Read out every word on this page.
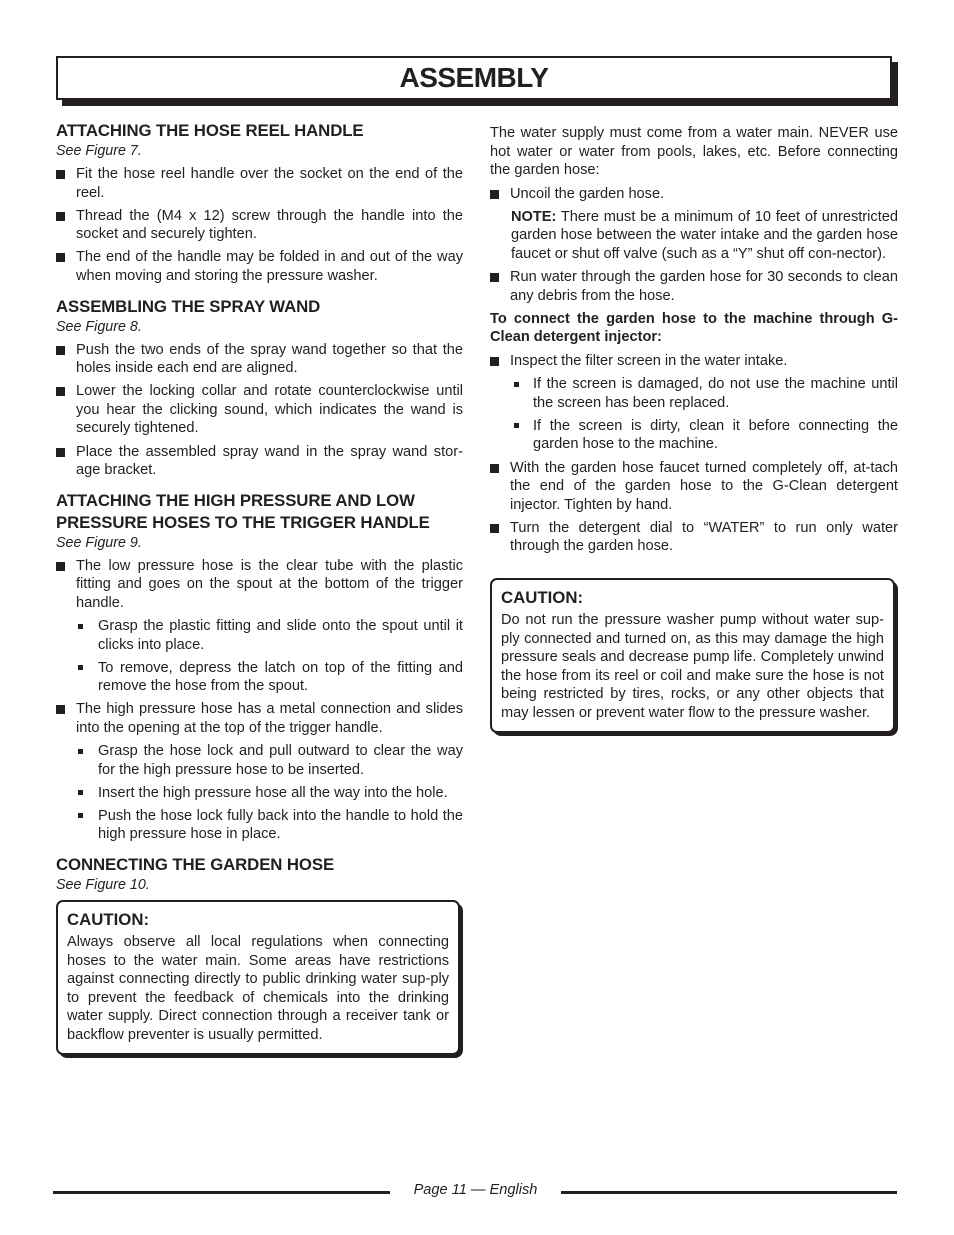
ASSEMBLY
ATTACHING THE HOSE REEL HANDLE
See Figure 7.
Fit the hose reel handle over the socket on the end of the reel.
Thread the (M4 x 12) screw through the handle into the socket and securely tighten.
The end of the handle may be folded in and out of the way when moving and storing the pressure washer.
ASSEMBLING THE SPRAY WAND
See Figure 8.
Push the two ends of the spray wand together so that the holes inside each end are aligned.
Lower the locking collar and rotate counterclockwise until you hear the clicking sound, which indicates the wand is securely tightened.
Place the assembled spray wand in the spray wand stor-age bracket.
ATTACHING THE HIGH PRESSURE AND LOW PRESSURE HOSES TO THE TRIGGER HANDLE
See Figure 9.
The low pressure hose is the clear tube with the plastic fitting and goes on the spout at the bottom of the trigger handle.
Grasp the plastic fitting and slide onto the spout until it clicks into place.
To remove, depress the latch on top of the fitting and remove the hose from the spout.
The high pressure hose has a metal connection and slides into the opening at the top of the trigger handle.
Grasp the hose lock and pull outward to clear the way for the high pressure hose to be inserted.
Insert the high pressure hose all the way into the hole.
Push the hose lock fully back into the handle to hold the high pressure hose in place.
CONNECTING THE GARDEN HOSE
See Figure 10.
CAUTION:

Always observe all local regulations when connecting hoses to the water main. Some areas have restrictions against connecting directly to public drinking water sup-ply to prevent the feedback of chemicals into the drinking water supply. Direct connection through a receiver tank or backflow preventer is usually permitted.

The water supply must come from a water main. NEVER use hot water or water from pools, lakes, etc. Before connecting the garden hose:

Uncoil the garden hose.
NOTE: There must be a minimum of 10 feet of unrestricted garden hose between the water intake and the garden hose faucet or shut off valve (such as a “Y” shut off con-nector).
Run water through the garden hose for 30 seconds to clean any debris from the hose.

To connect the garden hose to the machine through G-Clean detergent injector:

Inspect the filter screen in the water intake.
If the screen is damaged, do not use the machine until the screen has been replaced.
If the screen is dirty, clean it before connecting the garden hose to the machine.
With the garden hose faucet turned completely off, at-tach the end of the garden hose to the G-Clean detergent injector. Tighten by hand.
Turn the detergent dial to “WATER” to run only water through the garden hose.
CAUTION:

Do not run the pressure washer pump without water sup-ply connected and turned on, as this may damage the high pressure seals and decrease pump life. Completely unwind the hose from its reel or coil and make sure the hose is not being restricted by tires, rocks, or any other objects that may lessen or prevent water flow to the pressure washer.

Page 11 — English
